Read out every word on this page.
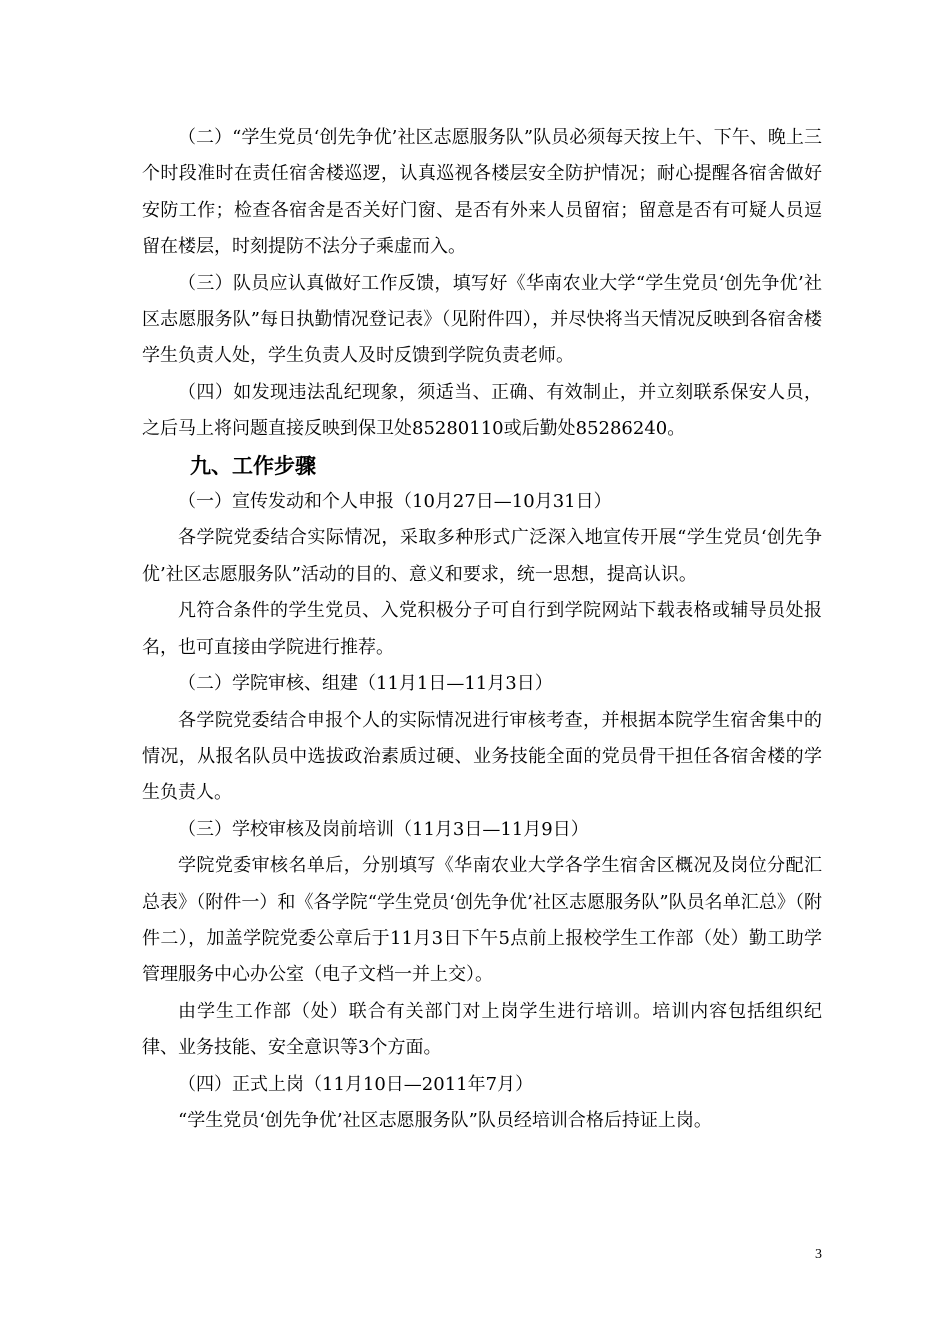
（二）“学生党员‘创先争优’社区志愿服务队”队员必须每天按上午、下午、晚上三个时段准时在责任宿舍楼巡逻，认真巡视各楼层安全防护情况；耐心提醒各宿舍做好安防工作；检查各宿舍是否关好门窗、是否有外来人员留宿；留意是否有可疑人员逗留在楼层，时刻提防不法分子乘虚而入。

（三）队员应认真做好工作反馈，填写好《华南农业大学“学生党员‘创先争优’社区志愿服务队”每日执勤情况登记表》（见附件四），并尽快将当天情况反映到各宿舍楼学生负责人处，学生负责人及时反馈到学院负责老师。

（四）如发现违法乱纪现象，须适当、正确、有效制止，并立刻联系保安人员，之后马上将问题直接反映到保卫处85280110或后勤处85286240。

九、工作步骤

（一）宣传发动和个人申报（10月27日—10月31日）

各学院党委结合实际情况，采取多种形式广泛深入地宣传开展“学生党员‘创先争优’社区志愿服务队”活动的目的、意义和要求，统一思想，提高认识。

凡符合条件的学生党员、入党积极分子可自行到学院网站下载表格或辅导员处报名，也可直接由学院进行推荐。

（二）学院审核、组建（11月1日—11月3日）

各学院党委结合申报个人的实际情况进行审核考查，并根据本院学生宿舍集中的情况，从报名队员中选拔政治素质过硬、业务技能全面的党员骨干担任各宿舍楼的学生负责人。

（三）学校审核及岗前培训（11月3日—11月9日）

学院党委审核名单后，分别填写《华南农业大学各学生宿舍区概况及岗位分配汇总表》（附件一）和《各学院“学生党员‘创先争优’社区志愿服务队”队员名单汇总》（附件二），加盖学院党委公章后于11月3日下午5点前上报校学生工作部（处）勤工助学管理服务中心办公室（电子文档一并上交）。

由学生工作部（处）联合有关部门对上岗学生进行培训。培训内容包括组织纪律、业务技能、安全意识等3个方面。

（四）正式上岗（11月10日—2011年7月）

“学生党员‘创先争优’社区志愿服务队”队员经培训合格后持证上岗。

3
